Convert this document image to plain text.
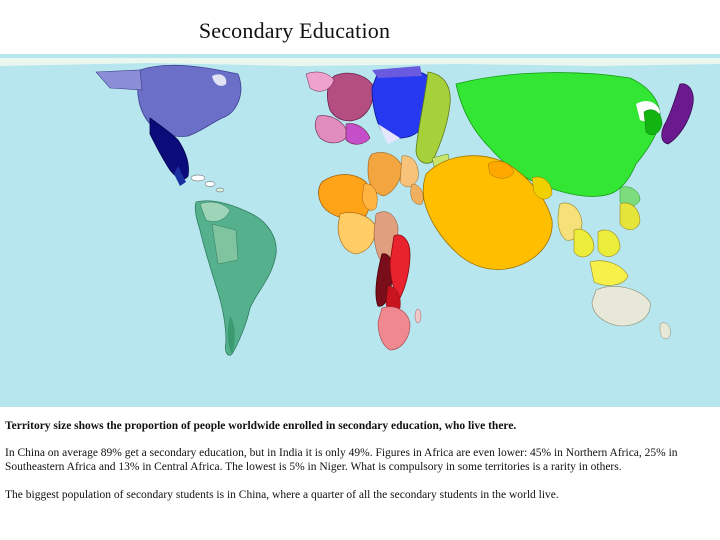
Secondary Education

Territory size shows the proportion of people worldwide enrolled in secondary education, who live there.

In China on average 89% get a secondary education, but in India it is only 49%. Figures in Africa are even lower: 45% in Northern Africa, 25% in Southeastern Africa and 13% in Central Africa. The lowest is 5% in Niger. What is compulsory in some territories is a rarity in others.

The biggest population of secondary students is in China, where a quarter of all the secondary students in the world live.
